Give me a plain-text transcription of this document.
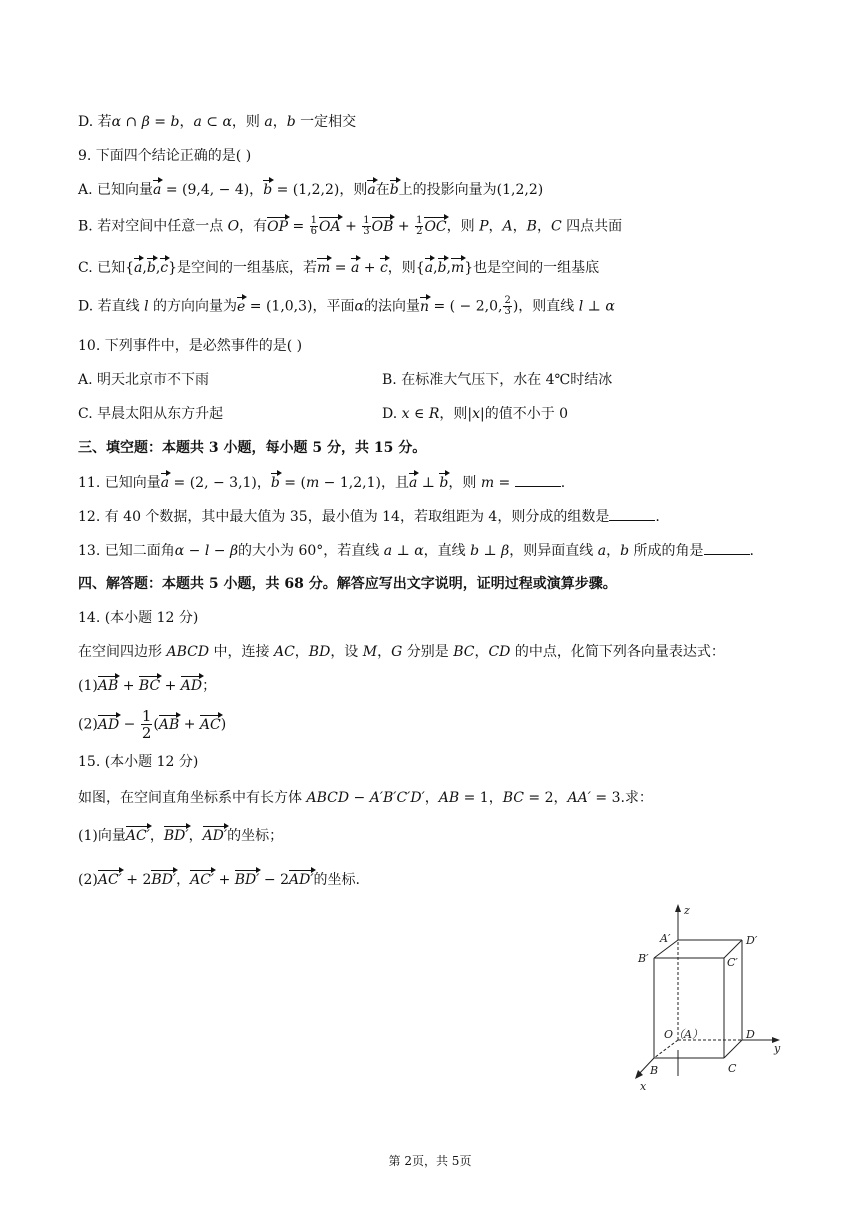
D. 若α ∩ β = b，a ⊂ α，则 a，b 一定相交
9. 下面四个结论正确的是( )
A. 已知向量a = (9,4, − 4)，b = (1,2,2)，则a在b上的投影向量为(1,2,2)
B. 若对空间中任意一点 O，有OP = $\frac{1}{6}$ OA + $\frac{1}{3}$ OB + $\frac{1}{2}$ OC，则 P，A，B，C 四点共面
C. 已知{a,b,c}是空间的一组基底，若m = a + c，则{a,b,m}也是空间的一组基底
D. 若直线 l 的方向向量为e = (1,0,3)，平面α的法向量n = ( − 2,0, $\frac{2}{3}$ )，则直线 l ⊥ α
10. 下列事件中，是必然事件的是( )
A. 明天北京市不下雨	B. 在标准大气压下，水在 4℃时结冰
C. 早晨太阳从东方升起	D. x ∈ R，则|x|的值不小于 0
三、填空题：本题共 3 小题，每小题 5 分，共 15 分。
11. 已知向量a = (2, − 3,1)，b = (m − 1,2,1)，且a ⊥ b，则 m =	.
12. 有 40 个数据，其中最大值为 35，最小值为 14，若取组距为 4，则分成的组数是	.
13. 已知二面角α − l − β的大小为 60°，若直线 a ⊥ α，直线 b ⊥ β，则异面直线 a，b 所成的角是	.
四、解答题：本题共 5 小题，共 68 分。解答应写出文字说明，证明过程或演算步骤。
14. (本小题 12 分)
在空间四边形 ABCD 中，连接 AC，BD，设 M，G 分别是 BC，CD 的中点，化简下列各向量表达式：
(1)AB + BC + AD；
$(2)AD - \frac{1}{2} (AB + AC)$
15. (本小题 12 分)
如图，在空间直角坐标系中有长方体 ABCD − A′B′C′D′，AB = 1，BC = 2，AA′ = 3.求：
(1)向量AC′，BD′，AD′的坐标；
(2)AC′ + 2BD′，AC′ + BD′ − 2AD′的坐标.
z
A′	D′
B′	C′
O（A）	D
y
B	C
x
第 2页，共 5页
